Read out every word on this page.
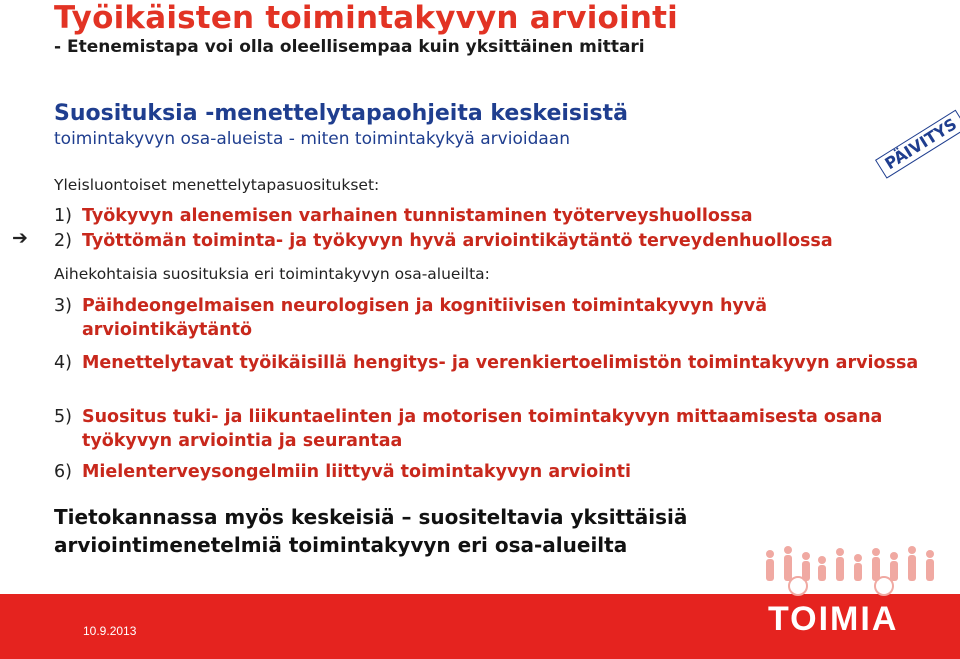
Työikäisten toimintakyvyn arviointi
- Etenemistapa voi olla oleellisempaa kuin yksittäinen mittari
Suosituksia -menettelytapaohjeita keskeisistä
toimintakyvyn osa-alueista - miten toimintakykyä arvioidaan
Yleisluontoiset menettelytapasuositukset:
1) Työkyvyn alenemisen varhainen tunnistaminen työterveyshuollossa
➔ 2) Työttömän toiminta- ja työkyvyn hyvä arviointikäytäntö terveydenhuollossa
PÄIVITYS
Aihekohtaisia suosituksia eri toimintakyvyn osa-alueilta:
3) Päihdeongelmaisen neurologisen ja kognitiivisen toimintakyvyn hyvä arviointikäytäntö
4) Menettelytavat työikäisillä hengitys- ja verenkiertoelimistön toimintakyvyn arviossa
5) Suositus tuki- ja liikuntaelinten ja motorisen toimintakyvyn mittaamisesta osana työkyvyn arviointia ja seurantaa
6) Mielenterveysongelmiin liittyvä toimintakyvyn arviointi
Tietokannassa myös keskeisiä – suositeltavia yksittäisiä
arviointimenetelmiä toimintakyvyn eri osa-alueilta
10.9.2013	TOIMIA
